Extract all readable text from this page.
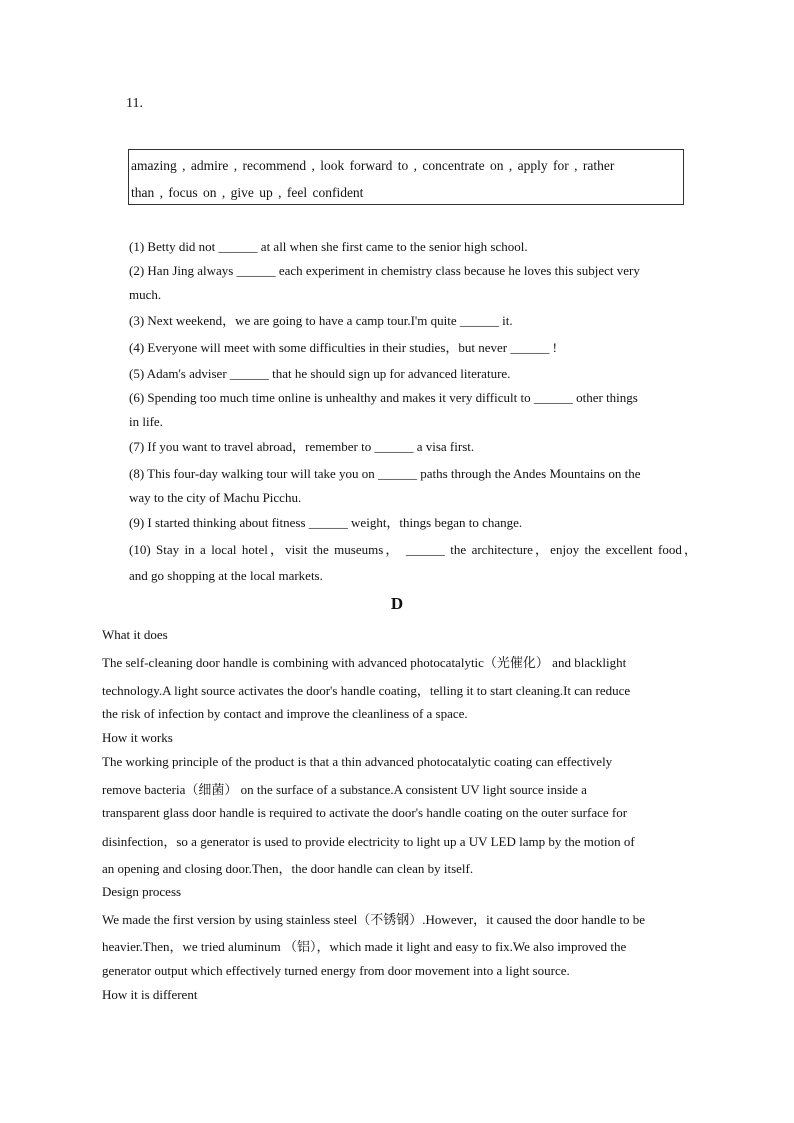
11.
amazing , admire , recommend , look forward to , concentrate on , apply for , rather
than , focus on , give up , feel confident
(1) Betty did not ______ at all when she first came to the senior high school.
(2) Han Jing always ______ each experiment in chemistry class because he loves this subject very
much.
(3) Next weekend，we are going to have a camp tour.I'm quite ______ it.
(4) Everyone will meet with some difficulties in their studies，but never ______ !
(5) Adam's adviser ______ that he should sign up for advanced literature.
(6) Spending too much time online is unhealthy and makes it very difficult to ______ other things
in life.
(7) If you want to travel abroad，remember to ______ a visa first.
(8) This four-day walking tour will take you on ______ paths through the Andes Mountains on the
way to the city of Machu Picchu.
(9) I started thinking about fitness ______ weight，things began to change.
(10) Stay in a local hotel，visit the museums， ______ the architecture，enjoy the excellent food，
and go shopping at the local markets.
D
What it does
The self-cleaning door handle is combining with advanced photocatalytic（光催化） and blacklight
technology.A light source activates the door's handle coating，telling it to start cleaning.It can reduce
the risk of infection by contact and improve the cleanliness of a space.
How it works
The working principle of the product is that a thin advanced photocatalytic coating can effectively
remove bacteria（细菌） on the surface of a substance.A consistent UV light source inside a
transparent glass door handle is required to activate the door's handle coating on the outer surface for
disinfection，so a generator is used to provide electricity to light up a UV LED lamp by the motion of
an opening and closing door.Then，the door handle can clean by itself.
Design process
We made the first version by using stainless steel（不锈钢）.However，it caused the door handle to be
heavier.Then，we tried aluminum （铝），which made it light and easy to fix.We also improved the
generator output which effectively turned energy from door movement into a light source.
How it is different
